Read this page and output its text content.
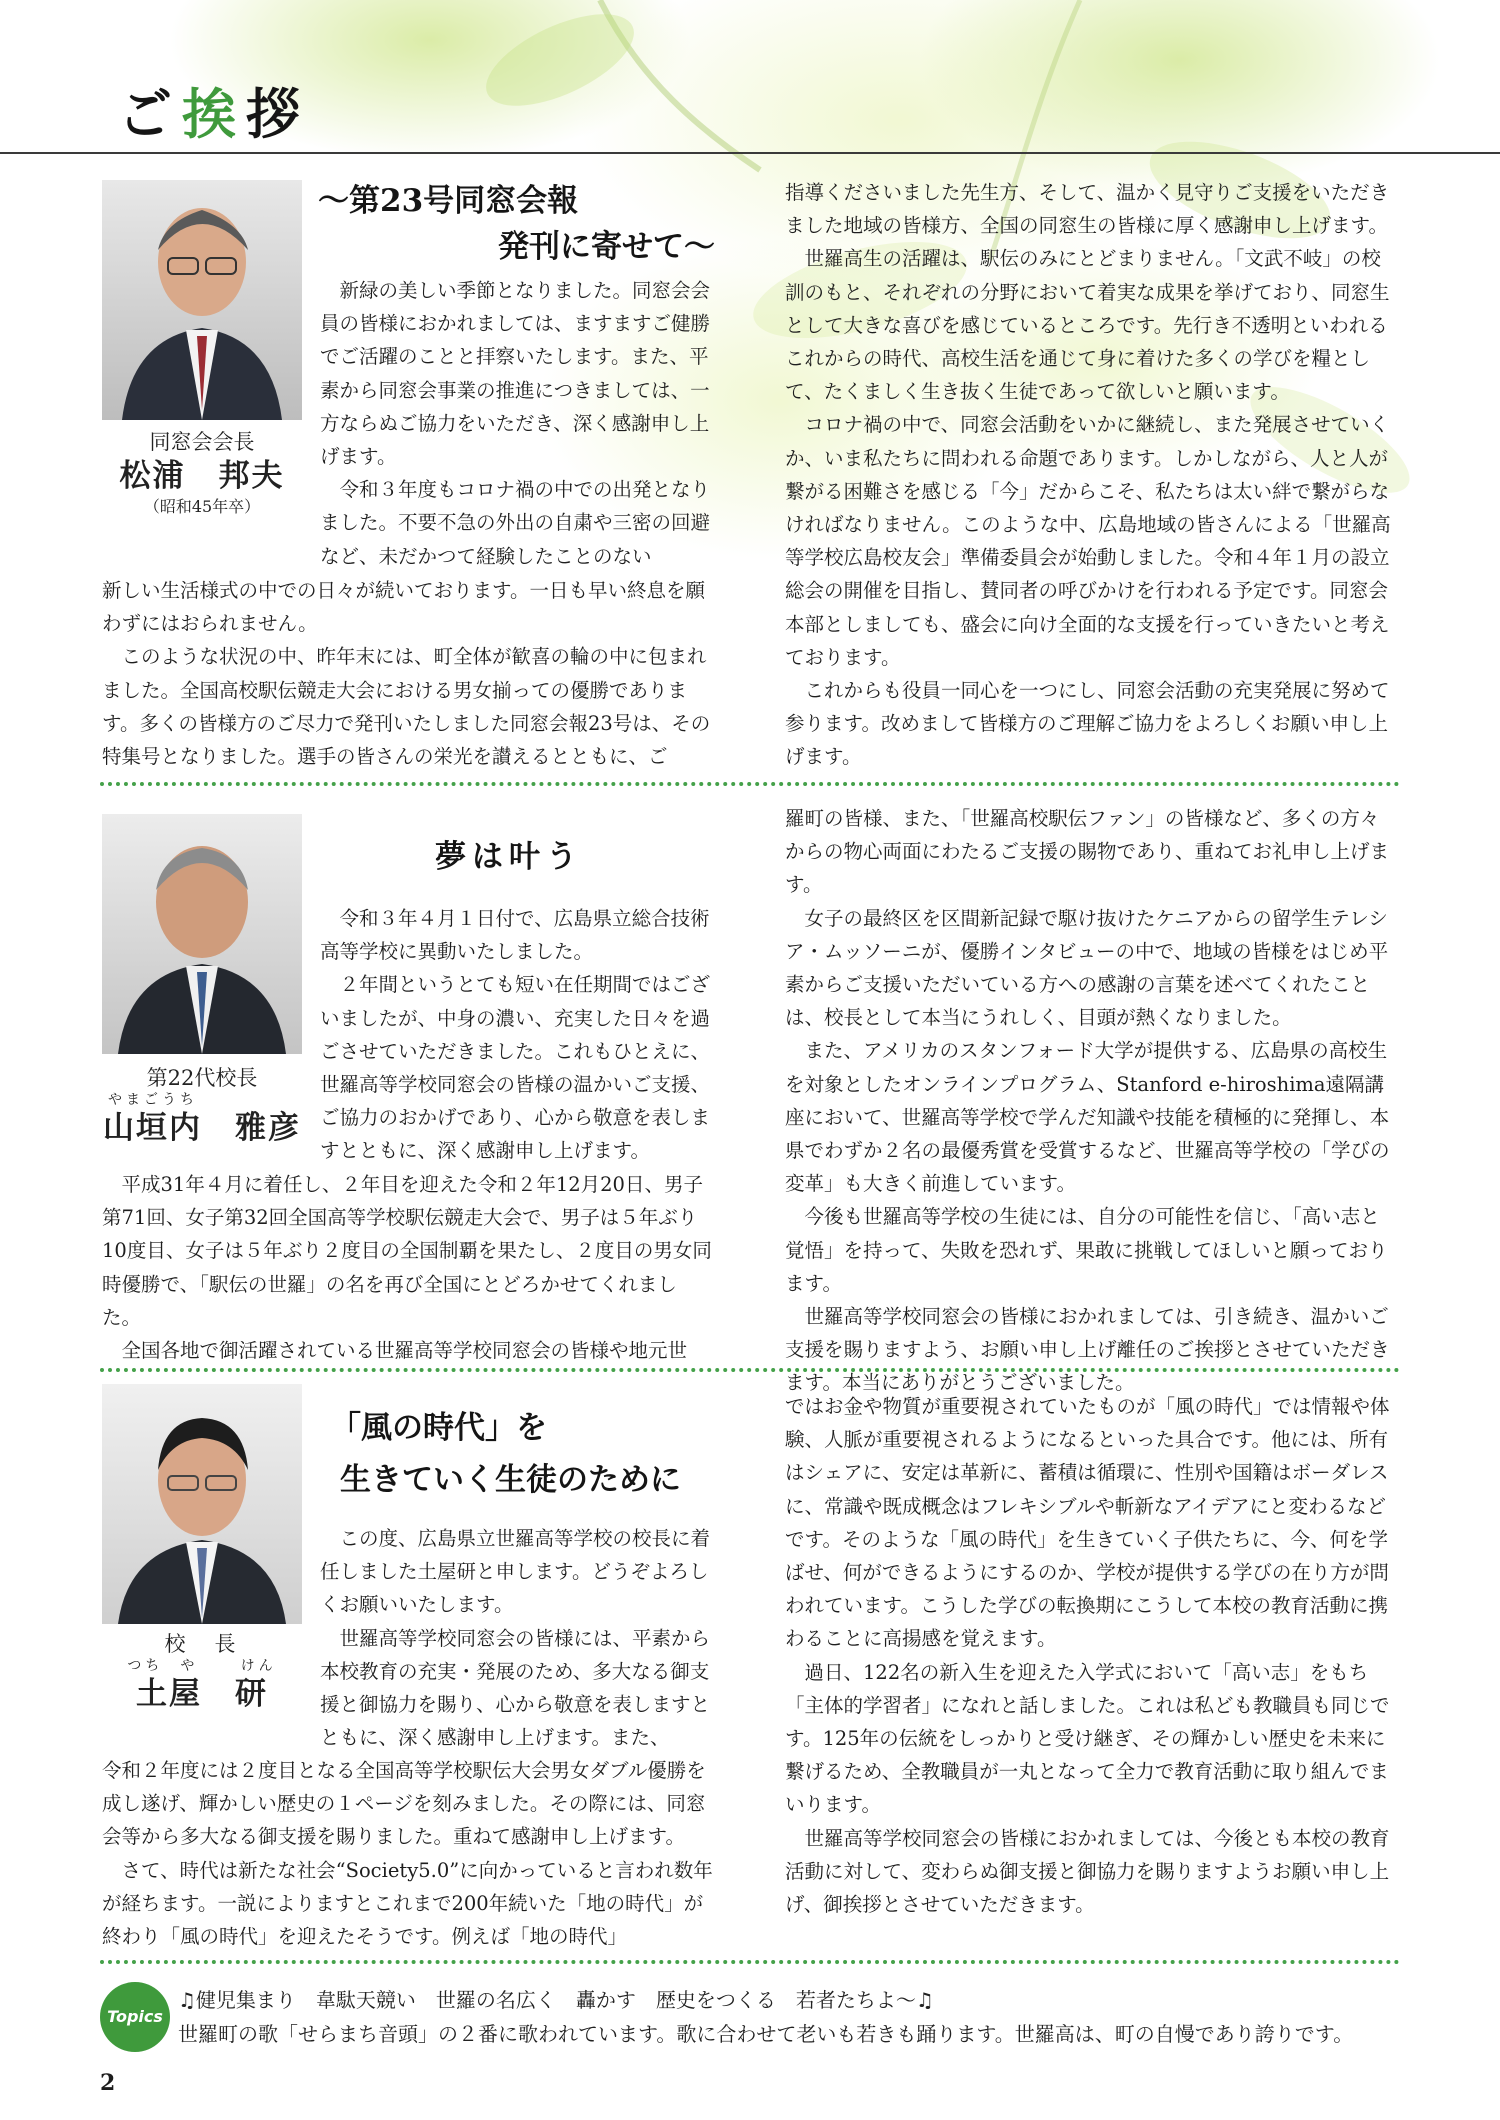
ご挨拶
同窓会会長
松浦　邦夫
（昭和45年卒）
〜第23号同窓会報
発刊に寄せて〜

新緑の美しい季節となりました。同窓会会員の皆様におかれましては、ますますご健勝でご活躍のことと拝察いたします。また、平素から同窓会事業の推進につきましては、一方ならぬご協力をいただき、深く感謝申し上げます。

令和３年度もコロナ禍の中での出発となりました。不要不急の外出の自粛や三密の回避など、未だかつて経験したことのない

新しい生活様式の中での日々が続いております。一日も早い終息を願わずにはおられません。

このような状況の中、昨年末には、町全体が歓喜の輪の中に包まれました。全国高校駅伝競走大会における男女揃っての優勝であります。多くの皆様方のご尽力で発刊いたしました同窓会報23号は、その特集号となりました。選手の皆さんの栄光を讃えるとともに、ご

指導くださいました先生方、そして、温かく見守りご支援をいただきました地域の皆様方、全国の同窓生の皆様に厚く感謝申し上げます。

世羅高生の活躍は、駅伝のみにとどまりません。「文武不岐」の校訓のもと、それぞれの分野において着実な成果を挙げており、同窓生として大きな喜びを感じているところです。先行き不透明といわれるこれからの時代、高校生活を通じて身に着けた多くの学びを糧として、たくましく生き抜く生徒であって欲しいと願います。

コロナ禍の中で、同窓会活動をいかに継続し、また発展させていくか、いま私たちに問われる命題であります。しかしながら、人と人が繋がる困難さを感じる「今」だからこそ、私たちは太い絆で繋がらなければなりません。このような中、広島地域の皆さんによる「世羅高等学校広島校友会」準備委員会が始動しました。令和４年１月の設立総会の開催を目指し、賛同者の呼びかけを行われる予定です。同窓会本部としましても、盛会に向け全面的な支援を行っていきたいと考えております。

これからも役員一同心を一つにし、同窓会活動の充実発展に努めて参ります。改めまして皆様方のご理解ご協力をよろしくお願い申し上げます。

第22代校長
やまごうち
山垣内　雅彦
夢は叶う

令和３年４月１日付で、広島県立総合技術高等学校に異動いたしました。

２年間というとても短い在任期間ではございましたが、中身の濃い、充実した日々を過ごさせていただきました。これもひとえに、世羅高等学校同窓会の皆様の温かいご支援、ご協力のおかげであり、心から敬意を表しますとともに、深く感謝申し上げます。

平成31年４月に着任し、２年目を迎えた令和２年12月20日、男子第71回、女子第32回全国高等学校駅伝競走大会で、男子は５年ぶり10度目、女子は５年ぶり２度目の全国制覇を果たし、２度目の男女同時優勝で、「駅伝の世羅」の名を再び全国にとどろかせてくれました。

全国各地で御活躍されている世羅高等学校同窓会の皆様や地元世

羅町の皆様、また、「世羅高校駅伝ファン」の皆様など、多くの方々からの物心両面にわたるご支援の賜物であり、重ねてお礼申し上げます。

女子の最終区を区間新記録で駆け抜けたケニアからの留学生テレシア・ムッソーニが、優勝インタビューの中で、地域の皆様をはじめ平素からご支援いただいている方への感謝の言葉を述べてくれたことは、校長として本当にうれしく、目頭が熱くなりました。

また、アメリカのスタンフォード大学が提供する、広島県の高校生を対象としたオンラインプログラム、Stanford e-hiroshima遠隔講座において、世羅高等学校で学んだ知識や技能を積極的に発揮し、本県でわずか２名の最優秀賞を受賞するなど、世羅高等学校の「学びの変革」も大きく前進しています。

今後も世羅高等学校の生徒には、自分の可能性を信じ、「高い志と覚悟」を持って、失敗を恐れず、果敢に挑戦してほしいと願っております。

世羅高等学校同窓会の皆様におかれましては、引き続き、温かいご支援を賜りますよう、お願い申し上げ離任のご挨拶とさせていただきます。本当にありがとうございました。

校　長
つち や	けん
土屋　研
「風の時代」を
生きていく生徒のために

この度、広島県立世羅高等学校の校長に着任しました土屋研と申します。どうぞよろしくお願いいたします。

世羅高等学校同窓会の皆様には、平素から本校教育の充実・発展のため、多大なる御支援と御協力を賜り、心から敬意を表しますとともに、深く感謝申し上げます。また、

令和２年度には２度目となる全国高等学校駅伝大会男女ダブル優勝を成し遂げ、輝かしい歴史の１ページを刻みました。その際には、同窓会等から多大なる御支援を賜りました。重ねて感謝申し上げます。

さて、時代は新たな社会“Society5.0”に向かっていると言われ数年が経ちます。一説によりますとこれまで200年続いた「地の時代」が終わり「風の時代」を迎えたそうです。例えば「地の時代」

ではお金や物質が重要視されていたものが「風の時代」では情報や体験、人脈が重要視されるようになるといった具合です。他には、所有はシェアに、安定は革新に、蓄積は循環に、性別や国籍はボーダレスに、常識や既成概念はフレキシブルや斬新なアイデアにと変わるなどです。そのような「風の時代」を生きていく子供たちに、今、何を学ばせ、何ができるようにするのか、学校が提供する学びの在り方が問われています。こうした学びの転換期にこうして本校の教育活動に携わることに高揚感を覚えます。

過日、122名の新入生を迎えた入学式において「高い志」をもち「主体的学習者」になれと話しました。これは私ども教職員も同じです。125年の伝統をしっかりと受け継ぎ、その輝かしい歴史を未来に繋げるため、全教職員が一丸となって全力で教育活動に取り組んでまいります。

世羅高等学校同窓会の皆様におかれましては、今後とも本校の教育活動に対して、変わらぬ御支援と御協力を賜りますようお願い申し上げ、御挨拶とさせていただきます。

Topics
♫健児集まり　韋駄天競い　世羅の名広く　轟かす　歴史をつくる　若者たちよ〜♫
世羅町の歌「せらまち音頭」の２番に歌われています。歌に合わせて老いも若きも踊ります。世羅高は、町の自慢であり誇りです。
2
